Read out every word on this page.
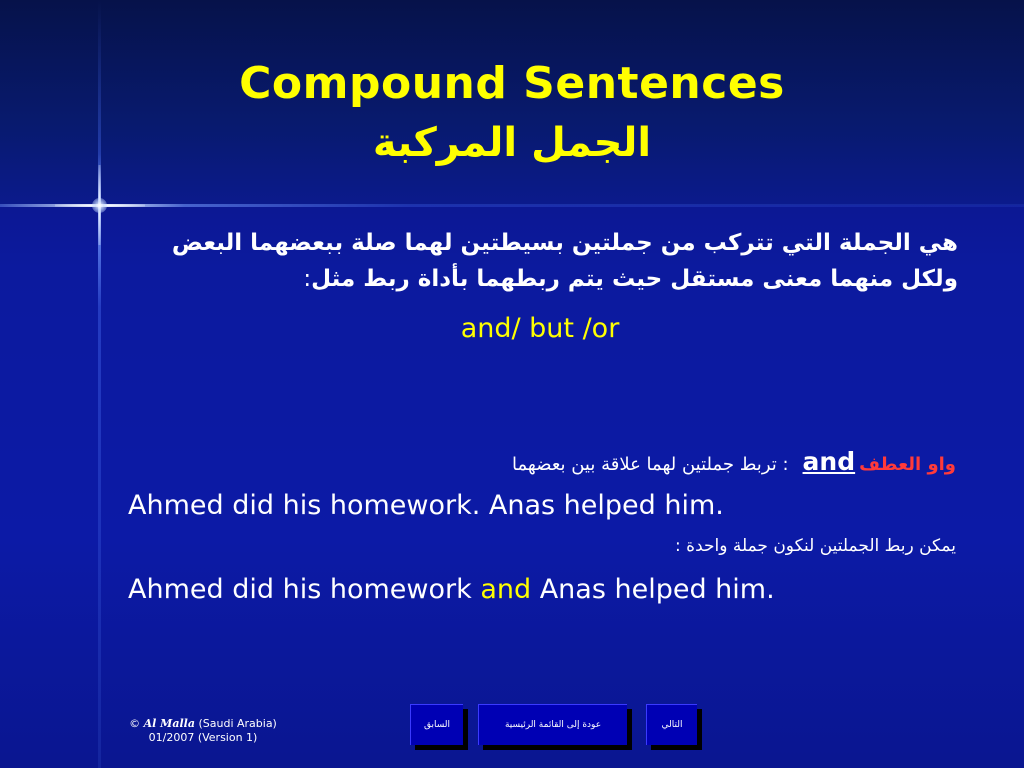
Compound Sentences
الجمل المركبة
هي الجملة التي تتركب من جملتين بسيطتين لهما صلة ببعضهما البعض
ولكل منهما معنى مستقل حيث يتم ربطهما بأداة ربط مثل:
and/ but /or
واو العطفand: تربط جملتين لهما علاقة بين بعضهما
Ahmed did his homework. Anas helped him.
يمكن ربط الجملتين لنكون جملة واحدة :
Ahmed did his homework and Anas helped him.
© Al Malla (Saudi Arabia)
01/2007 (Version 1)
السابق	عودة إلى القائمة الرئيسية	التالي
